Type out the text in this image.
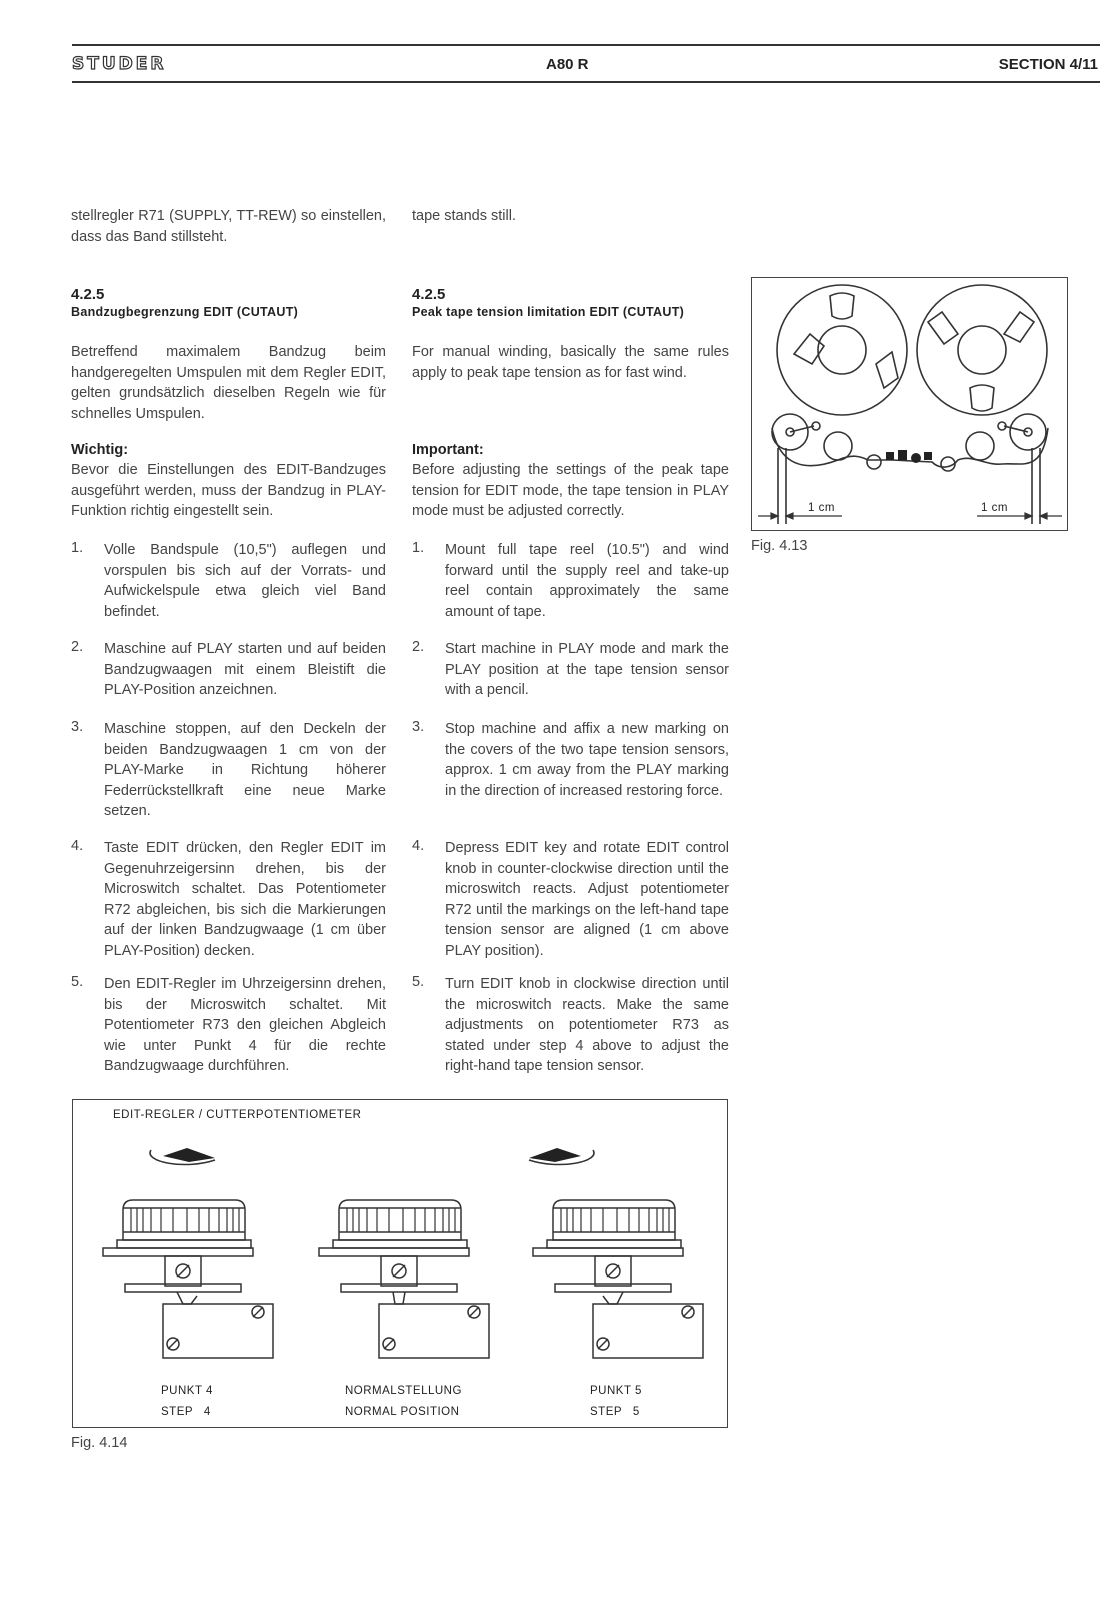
STUDER	A80 R	SECTION 4/11
stellregler R71 (SUPPLY, TT-REW) so einstellen, dass das Band stillsteht.
4.2.5
Bandzugbegrenzung EDIT (CUTAUT)
Betreffend maximalem Bandzug beim handgeregelten Umspulen mit dem Regler EDIT, gelten grundsätzlich dieselben Regeln wie für schnelles Umspulen.
Wichtig:
Bevor die Einstellungen des EDIT-Bandzuges ausgeführt werden, muss der Bandzug in PLAY-Funktion richtig eingestellt sein.
1. Volle Bandspule (10,5") auflegen und vorspulen bis sich auf der Vorrats- und Aufwickelspule etwa gleich viel Band befindet.
2. Maschine auf PLAY starten und auf beiden Bandzugwaagen mit einem Bleistift die PLAY-Position anzeichnen.
3. Maschine stoppen, auf den Deckeln der beiden Bandzugwaagen 1 cm von der PLAY-Marke in Richtung höherer Federrückstellkraft eine neue Marke setzen.
4. Taste EDIT drücken, den Regler EDIT im Gegenuhrzeigersinn drehen, bis der Microswitch schaltet. Das Potentiometer R72 abgleichen, bis sich die Markierungen auf der linken Bandzugwaage (1 cm über PLAY-Position) decken.
5. Den EDIT-Regler im Uhrzeigersinn drehen, bis der Microswitch schaltet. Mit Potentiometer R73 den gleichen Abgleich wie unter Punkt 4 für die rechte Bandzugwaage durchführen.
tape stands still.
4.2.5
Peak tape tension limitation EDIT (CUTAUT)
For manual winding, basically the same rules apply to peak tape tension as for fast wind.
Important:
Before adjusting the settings of the peak tape tension for EDIT mode, the tape tension in PLAY mode must be adjusted correctly.
1. Mount full tape reel (10.5") and wind forward until the supply reel and take-up reel contain approximately the same amount of tape.
2. Start machine in PLAY mode and mark the PLAY position at the tape tension sensor with a pencil.
3. Stop machine and affix a new marking on the covers of the two tape tension sensors, approx. 1 cm away from the PLAY marking in the direction of increased restoring force.
4. Depress EDIT key and rotate EDIT control knob in counter-clockwise direction until the microswitch reacts. Adjust potentiometer R72 until the markings on the left-hand tape tension sensor are aligned (1 cm above PLAY position).
5. Turn EDIT knob in clockwise direction until the microswitch reacts. Make the same adjustments on potentiometer R73 as stated under step 4 above to adjust the right-hand tape tension sensor.
1 cm	1 cm
Fig. 4.13
EDIT-REGLER / CUTTERPOTENTIOMETER
PUNKT 4
STEP   4
NORMALSTELLUNG
NORMAL POSITION
PUNKT 5
STEP   5
Fig. 4.14
